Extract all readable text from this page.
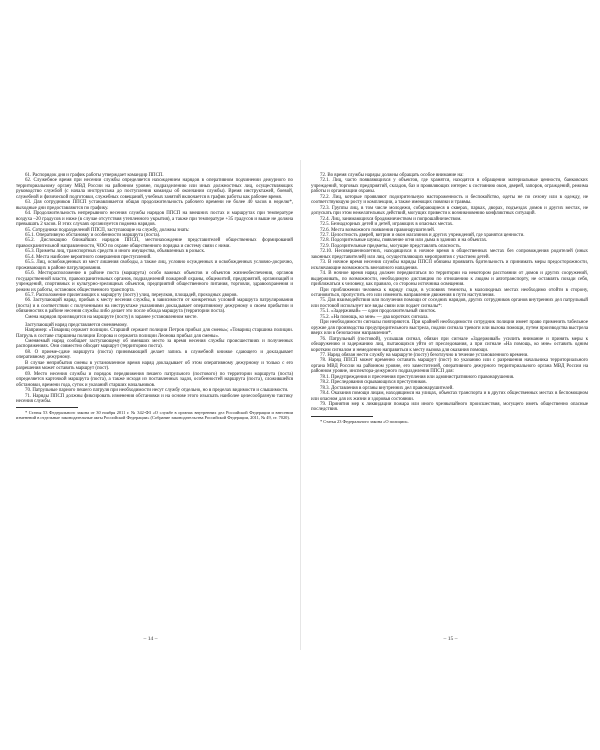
61. Распорядок дня и график работы утверждает командир ППСП.

62. Служебное время при несении службы определяется нахождением нарядов в оперативном подчинении дежурного по территориальному органу МВД России на районном уровне, подразделению или иных должностных лиц, осуществляющих руководство службой (с начала инструктажа до поступления команды об окончании службы). Время инструктажей, боевой, служебной и физической подготовки, служебных совещаний, учебных занятий включается в график работы как рабочее время.

63. Для сотрудников ППСП устанавливается общая продолжительность рабочего времени не более 40 часов в неделю*, выходные дни предоставляются по графику.

64. Продолжительность непрерывного несения службы нарядов ППСП на внешних постах и маршрутах при температуре воздуха –20 градусов и ниже (в случае отсутствия утепленного укрытия), а также при температуре +35 градусов и выше не должна превышать 2 часов. В этих случаях организуется подмена нарядов.

65. Сотрудники подразделений ППСП, заступающие на службу, должны знать:

65.1. Оперативную обстановку и особенности маршрута (поста).

65.2. Дислокацию ближайших нарядов ППСП, местонахождение представителей общественных формирований правоохранительной направленности, ЧОО по охране общественного порядка и систему связи с ними.

65.3. Приметы лиц, транспортных средств и иного имущества, объявленных в розыск.

65.4. Места наиболее вероятного совершения преступлений.

65.5. Лиц, освобожденных из мест лишения свободы, а также лиц, условно осужденных и освобожденных условно-досрочно, проживающих в районе патрулирования.

65.6. Месторасположение в районе поста (маршрута) особо важных объектов и объектов жизнеобеспечения, органов государственной власти, правоохранительных органов, подразделений пожарной охраны, общежитий, предприятий, организаций и учреждений, спортивных и культурно-зрелищных объектов, предприятий общественного питания, торговли, здравоохранения и режим их работы, остановок общественного транспорта.

65.7. Расположение прилегающих к маршруту (посту) улиц, переулков, площадей, проходных дворов.

66. Заступающий наряд, прибыв к месту несения службы, в зависимости от конкретных условий маршрута патрулирования (поста) и в соответствии с полученными на инструктаже указаниями докладывает оперативному дежурному о своем прибытии и обязанностях в районе несения службы либо делает это после обхода маршрута (территории поста).

Смена нарядов производится на маршруте (посту) в заранее установленном месте.

Заступающий наряд представляется сменяемому.

Например: «Товарищ сержант полиции. Старший сержант полиции Петров прибыл для смены»; «Товарищ старшина полиции. Патруль в составе старшины полиции Егорова и сержанта полиции Леонова прибыл для смены».

Сменяемый наряд сообщает заступающему об имевших место за время несения службы происшествиях и полученных распоряжениях. Они совместно обходят маршрут (территорию поста).

68. О приеме-сдаче маршрута (поста) принимающий делает запись в служебной книжке сдающего и докладывает оперативному дежурному.

В случае неприбытия смены в установленное время наряд докладывает об этом оперативному дежурному и только с его разрешения может оставить маршрут (пост).

69. Место несения службы и порядок передвижения пешего патрульного (постового) по территории маршрута (поста) определяется карточкой маршрута (поста), а также исходя из поставленных задач, особенностей маршрута (поста), сложившейся обстановки, времени года, суток и указаний старших начальников.

70. Патрульные парного пешего патруля при необходимости несут службу отдельно, но в пределах видимости и слышимости.

71. Наряды ППСП должны фиксировать изменения обстановки и на основе этого изыскать наиболее целесообразную тактику несения службы.

* Статья 53 Федерального закона от 30 ноября 2011 г. № 342-ФЗ «О службе в органах внутренних дел Российской Федерации и внесении изменений в отдельные законодательные акты Российской Федерации» (Собрание законодательства Российской Федерации, 2011, № 49, ст. 7020).

– 14 –

72. Во время службы наряды должны обращать особое внимание на:

72.1. Лиц, часто появляющихся у объектов, где хранятся, находятся в обращении материальные ценности, банковских учреждений, торговых предприятий, складов, баз и проявляющих интерес к состоянию окон, дверей, запоров, ограждений, режима работы и организации охраны.

72.2. Лиц, которые проявляют подозрительную настороженность и беспокойство, одеты не по сезону или в одежду, не соответствующую росту и комплекции, а также имеющих повязки и травмы.

72.3. Группы лиц, в том числе молодежи, собирающиеся в скверах, парках, дворах, подъездах домов и других местах, не допускать при этом нежелательных действий, могущих привести к возникновению конфликтных ситуаций.

72.4. Лиц, занимающихся бродяжничеством и попрошайничеством.

72.5. Безнадзорных детей и детей, играющих в опасных местах.

72.6. Места возможного появления правонарушителей.

72.7. Целостность дверей, витрин и окон магазинов и других учреждений, где хранятся ценности.

72.8. Подозрительные шумы, появление огня или дыма в зданиях и на объектах.

72.9. Подозрительные предметы, могущие представлять опасность.

72.10. Несовершеннолетних, находящихся в ночное время в общественных местах без сопровождения родителей (иных законных представителей) или лиц, осуществляющих мероприятия с участием детей.

73. В ночное время несения службы наряды ППСП обязаны проявлять бдительность и принимать меры предосторожности, исключающие возможность внезапного нападения.

74. В ночное время наряд должен передвигаться по территории на некотором расстоянии от домов и других сооружений, выдерживать, по возможности, необходимую дистанцию по отношению к людям и автотранспорту, не оставлять позади себя, приближаться к человеку, как правило, со стороны источника освещения.

При приближении человека к наряду сзади, в условиях темноты, в малолюдных местах необходимо отойти в сторону, остановиться, пропустить его или изменить направление движения в пути наступления.

75. Для взаимодействия или получения помощи от соседних нарядов, других сотрудников органов внутренних дел патрульный или постовой использует все виды связи или подает сигналы*:

75.1. «Задерживай» — один продолжительный свисток.

75.2. «На помощь, ко мне» — два коротких сигнала.

При необходимости сигналы повторяются. При крайней необходимости сотрудник полиции имеет право применить табельное оружие для производства предупредительного выстрела, подачи сигнала тревоги или вызова помощи, путем производства выстрела вверх или в безопасном направлении*.

76. Патрульный (постовой), услышав сигнал, обязан при сигнале «Задерживай» усилить внимание и принять меры к обнаружению и задержанию лиц, пытающихся уйти от преследования, а при сигнале «На помощь, ко мне» оставить одним коротким сигналом и немедленно направиться к месту вызова для оказания помощи.

77. Наряд обязан нести службу на маршруте (посту) безотлучно в течение установленного времени.

78. Наряд ППСП может временно оставить маршрут (пост) по указанию или с разрешения начальника территориального органа МВД России на районном уровне, его заместителей, оперативного дежурного территориального органа МВД России на районном уровне, инспектора-дежурного подразделения ППСП для:

78.1. Предупреждения и пресечения преступления или административного правонарушения.

78.2. Преследования скрывающихся преступников.

78.3. Доставления в органы внутренних дел правонарушителей.

78.4. Оказания помощи лицам, находящимся на улицах, объектах транспорта и в других общественных местах в беспомощном или опасном для их жизни и здоровья состоянии.

79. Принятия мер к ликвидации пожара или иного чрезвычайного происшествия, могущего иметь общественно опасные последствия.

* Статья 23 Федерального закона «О полиции».

– 15 –
